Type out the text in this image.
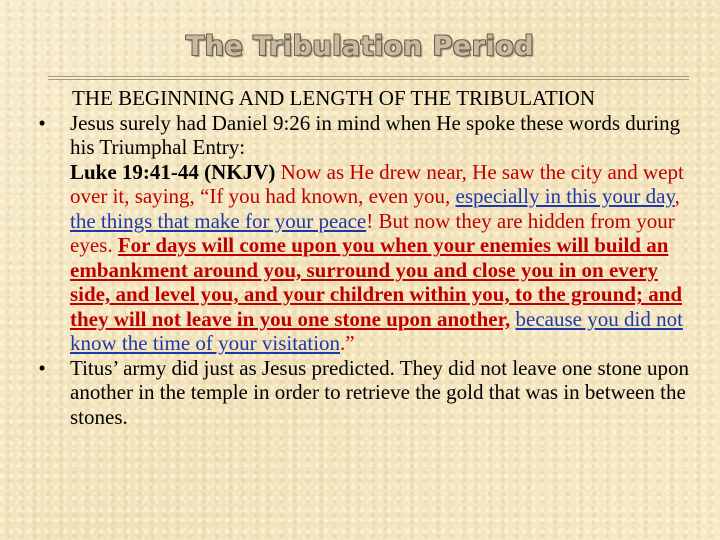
The Tribulation Period

THE BEGINNING AND LENGTH OF THE TRIBULATION

•	Jesus surely had Daniel 9:26 in mind when He spoke these words during his Triumphal Entry:
Luke 19:41-44 (NKJV) Now as He drew near, He saw the city and wept over it, saying, “If you had known, even you, especially in this your day, the things that make for your peace! But now they are hidden from your eyes. For days will come upon you when your enemies will build an embankment around you, surround you and close you in on every side, and level you, and your children within you, to the ground; and they will not leave in you one stone upon another, because you did not know the time of your visitation.”

•	Titus’ army did just as Jesus predicted. They did not leave one stone upon another in the temple in order to retrieve the gold that was in between the stones.
